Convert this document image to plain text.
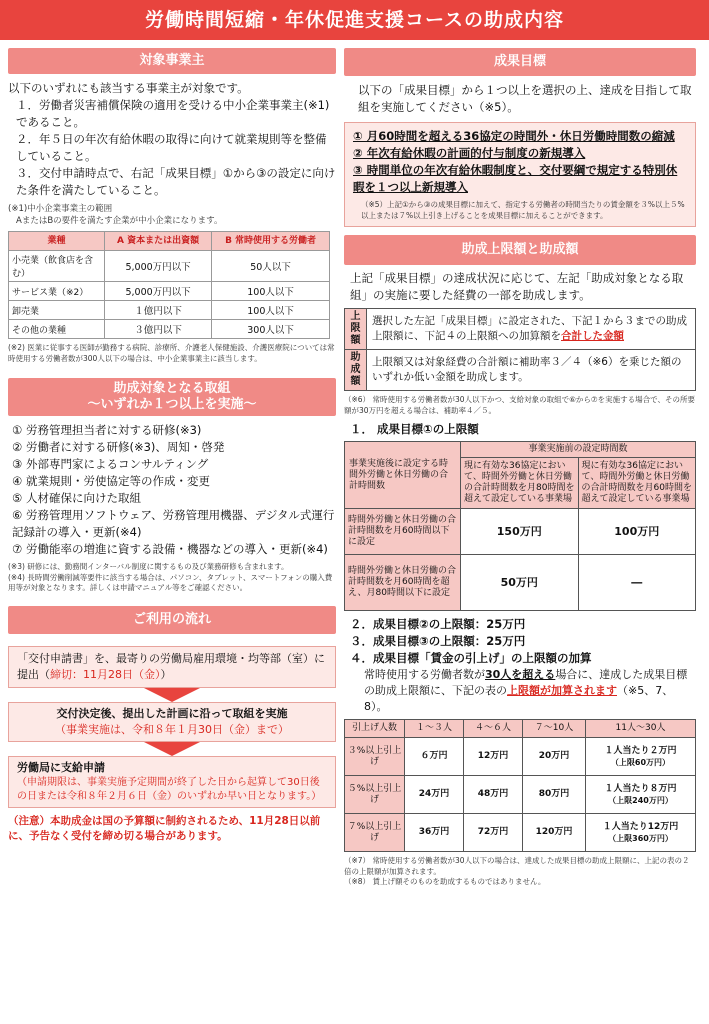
労働時間短縮・年休促進支援コースの助成内容
対象事業主
以下のいずれにも該当する事業主が対象です。
１．労働者災害補償保険の適用を受ける中小企業事業主(※1)であること。
２．年５日の年次有給休暇の取得に向けて就業規則等を整備していること。
３．交付申請時点で、右記「成果目標」①から③の設定に向けた条件を満たしていること。
(※1)中小企業事業主の範囲
AまたはBの要件を満たす企業が中小企業になります。
業種	A 資本または出資額	B 常時使用する労働者
小売業（飲食店を含む）	5,000万円以下	50人以下
サービス業（※2）	5,000万円以下	100人以下
卸売業	１億円以下	100人以下
その他の業種	３億円以下	300人以下
(※2) 医業に従事する医師が勤務する病院、診療所、介護老人保健施設、介護医療院については常時使用する労働者数が300人以下の場合は、中小企業事業主に該当します。
助成対象となる取組
～いずれか１つ以上を実施～
① 労務管理担当者に対する研修(※3)
② 労働者に対する研修(※3)、周知・啓発
③ 外部専門家によるコンサルティング
④ 就業規則・労使協定等の作成・変更
⑤ 人材確保に向けた取組
⑥ 労務管理用ソフトウェア、労務管理用機器、デジタル式運行記録計の導入・更新(※4)
⑦ 労働能率の増進に資する設備・機器などの導入・更新(※4)
(※3) 研修には、勤務間インターバル制度に関するもの及び業務研修も含まれます。
(※4) 長時間労働削減等要件に該当する場合は、パソコン、タブレット、スマートフォンの購入費用等が対象となります。詳しくは申請マニュアル等をご確認ください。
ご利用の流れ
「交付申請書」を、最寄りの労働局雇用環境・均等部（室）に提出（締切：11月28日（金））
交付決定後、提出した計画に沿って取組を実施
（事業実施は、令和８年１月30日（金）まで）
労働局に支給申請
（申請期限は、事業実施予定期間が終了した日から起算して30日後の日または令和８年２月６日（金）のいずれか早い日となります。）
（注意）本助成金は国の予算額に制約されるため、11月28日以前に、予告なく受付を締め切る場合があります。
成果目標
以下の「成果目標」から１つ以上を選択の上、達成を目指して取組を実施してください（※5）。
① 月60時間を超える36協定の時間外・休日労働時間数の縮減
② 年次有給休暇の計画的付与制度の新規導入
③ 時間単位の年次有給休暇制度と、交付要綱で規定する特別休暇を１つ以上新規導入
（※5）上記①から③の成果目標に加えて、指定する労働者の時間当たりの賃金額を３%以上５%以上または７%以上引き上げることを成果目標に加えることができます。
助成上限額と助成額
上記「成果目標」の達成状況に応じて、左記「助成対象となる取組」の実施に要した経費の一部を助成します。
上限額	選択した左記「成果目標」に設定された、下記１から３までの助成上限額に、下記４の上限額への加算額を合計した金額
助成額	上限額又は対象経費の合計額に補助率３／４（※6）を乗じた額のいずれか低い金額を助成します。
（※6） 常時使用する労働者数が30人以下かつ、支給対象の取組で⑥から⑦を実施する場合で、その所要額が30万円を超える場合は、補助率４／５。
１． 成果目標①の上限額
事業実施後に設定する時間外労働と休日労働の合計時間数	事業実施前の設定時間数	
	現に有効な36協定において、時間外労働と休日労働の合計時間数を月80時間を超えて設定している事業場	現に有効な36協定において、時間外労働と休日労働の合計時間数を月60時間を超えて設定している事業場
時間外労働と休日労働の合計時間数を月60時間以下に設定	150万円	100万円
時間外労働と休日労働の合計時間数を月60時間を超え、月80時間以下に設定	50万円	―
２．成果目標②の上限額：25万円
３．成果目標③の上限額：25万円
４．成果目標「賃金の引上げ」の上限額の加算
常時使用する労働者数が30人を超える場合に、達成した成果目標の助成上限額に、下記の表の上限額が加算されます（※5、7、8）。
引上げ人数	１～３人	４～６人	７～10人	11人～30人
３%以上引上げ	６万円	12万円	20万円	１人当たり２万円
（上限60万円）

５%以上引上げ	24万円	48万円	80万円	１人当たり８万円
（上限240万円）

７%以上引上げ	36万円	72万円	120万円	１人当たり12万円
（上限360万円）
（※7） 常時使用する労働者数が30人以下の場合は、達成した成果目標の助成上限額に、上記の表の２倍の上限額が加算されます。
（※8） 賃上げ額そのものを助成するものではありません。
